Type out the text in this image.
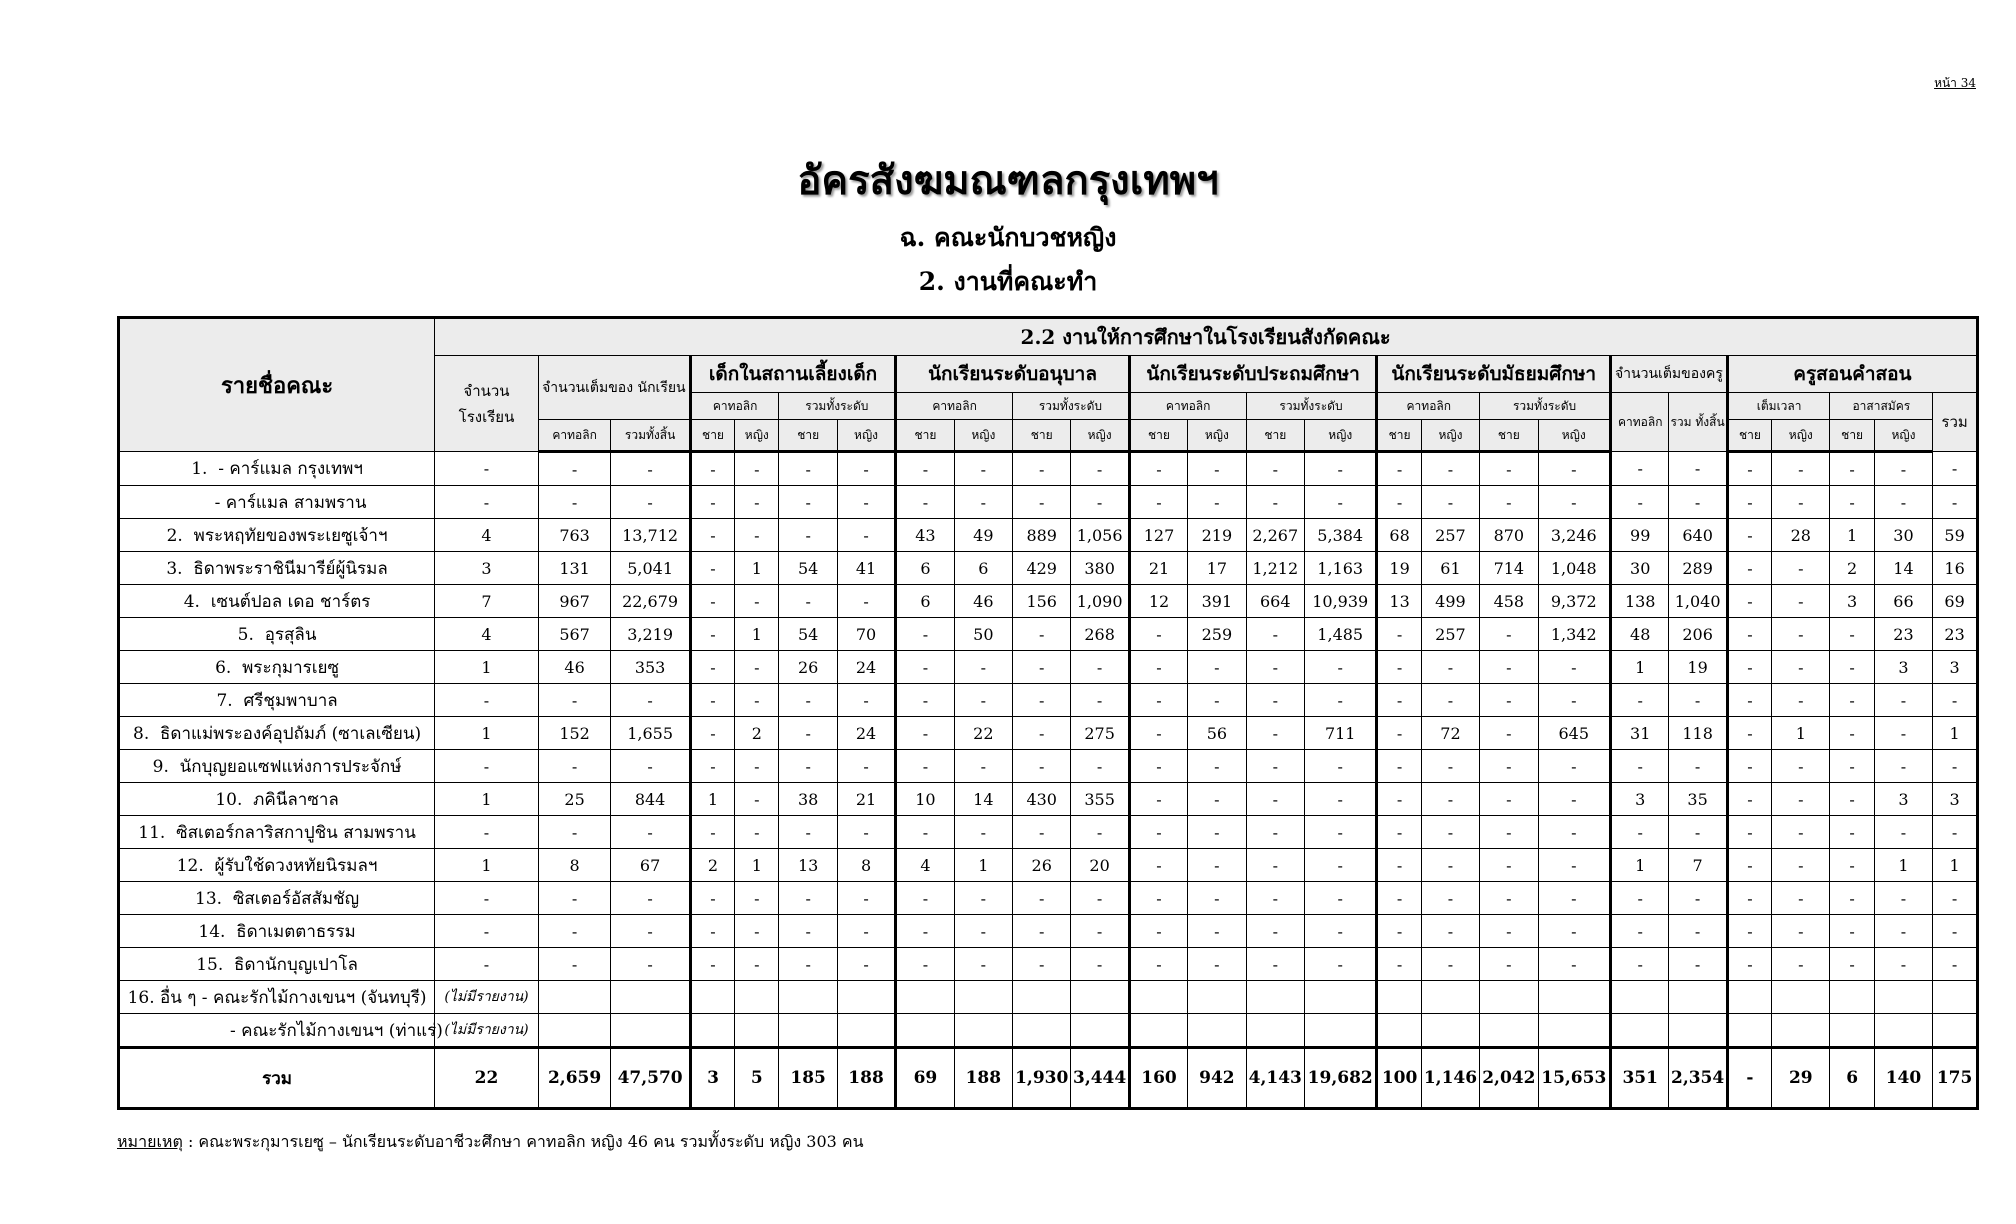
หน้า 34
อัครสังฆมณฑลกรุงเทพฯ
ฉ. คณะนักบวชหญิง
2. งานที่คณะทำ
รายชื่อคณะ	2.2 งานให้การศึกษาในโรงเรียนสังกัดคณะ																									
	จำนวน โรงเรียน	จำนวนเต็มของ นักเรียน		เด็กในสถานเลี้ยงเด็ก				นักเรียนระดับอนุบาล				นักเรียนระดับประถมศึกษา				นักเรียนระดับมัธยมศึกษา				จำนวนเต็มของครู		ครูสอนคำสอน				
				คาทอลิก		รวมทั้งระดับ		คาทอลิก		รวมทั้งระดับ		คาทอลิก		รวมทั้งระดับ		คาทอลิก		รวมทั้งระดับ		คาทอลิก	รวม ทั้งสิ้น	เต็มเวลา		อาสาสมัคร		รวม
		คาทอลิก	รวมทั้งสิ้น	ชาย	หญิง	ชาย	หญิง	ชาย	หญิง	ชาย	หญิง	ชาย	หญิง	ชาย	หญิง	ชาย	หญิง	ชาย	หญิง			ชาย	หญิง	ชาย	หญิง	
1.  - คาร์แมล กรุงเทพฯ	-	-	-	-	-	-	-	-	-	-	-	-	-	-	-	-	-	-	-	-	-	-	-	-	-	-
- คาร์แมล สามพราน	-	-	-	-	-	-	-	-	-	-	-	-	-	-	-	-	-	-	-	-	-	-	-	-	-	-
2.  พระหฤทัยของพระเยซูเจ้าฯ	4	763	13,712	-	-	-	-	43	49	889	1,056	127	219	2,267	5,384	68	257	870	3,246	99	640	-	28	1	30	59
3.  ธิดาพระราชินีมารีย์ผู้นิรมล	3	131	5,041	-	1	54	41	6	6	429	380	21	17	1,212	1,163	19	61	714	1,048	30	289	-	-	2	14	16
4.  เซนต์ปอล เดอ ชาร์ตร	7	967	22,679	-	-	-	-	6	46	156	1,090	12	391	664	10,939	13	499	458	9,372	138	1,040	-	-	3	66	69
5.  อุรสุลิน	4	567	3,219	-	1	54	70	-	50	-	268	-	259	-	1,485	-	257	-	1,342	48	206	-	-	-	23	23
6.  พระกุมารเยซู	1	46	353	-	-	26	24	-	-	-	-	-	-	-	-	-	-	-	-	1	19	-	-	-	3	3
7.  ศรีชุมพาบาล	-	-	-	-	-	-	-	-	-	-	-	-	-	-	-	-	-	-	-	-	-	-	-	-	-	-
8.  ธิดาแม่พระองค์อุปถัมภ์ (ซาเลเซียน)	1	152	1,655	-	2	-	24	-	22	-	275	-	56	-	711	-	72	-	645	31	118	-	1	-	-	1
9.  นักบุญยอแซฟแห่งการประจักษ์	-	-	-	-	-	-	-	-	-	-	-	-	-	-	-	-	-	-	-	-	-	-	-	-	-	-
10.  ภคินีลาซาล	1	25	844	1	-	38	21	10	14	430	355	-	-	-	-	-	-	-	-	3	35	-	-	-	3	3
11.  ซิสเตอร์กลาริสกาปูชิน สามพราน	-	-	-	-	-	-	-	-	-	-	-	-	-	-	-	-	-	-	-	-	-	-	-	-	-	-
12.  ผู้รับใช้ดวงหทัยนิรมลฯ	1	8	67	2	1	13	8	4	1	26	20	-	-	-	-	-	-	-	-	1	7	-	-	-	1	1
13.  ซิสเตอร์อัสสัมชัญ	-	-	-	-	-	-	-	-	-	-	-	-	-	-	-	-	-	-	-	-	-	-	-	-	-	-
14.  ธิดาเมตตาธรรม	-	-	-	-	-	-	-	-	-	-	-	-	-	-	-	-	-	-	-	-	-	-	-	-	-	-
15.  ธิดานักบุญเปาโล	-	-	-	-	-	-	-	-	-	-	-	-	-	-	-	-	-	-	-	-	-	-	-	-	-	-
16. อื่น ๆ - คณะรักไม้กางเขนฯ (จันทบุรี)	(ไม่มีรายงาน)																									
- คณะรักไม้กางเขนฯ (ท่าแร่)	(ไม่มีรายงาน)																									
รวม	22	2,659	47,570	3	5	185	188	69	188	1,930	3,444	160	942	4,143	19,682	100	1,146	2,042	15,653	351	2,354	-	29	6	140	175
หมายเหตุ : คณะพระกุมารเยซู – นักเรียนระดับอาชีวะศึกษา คาทอลิก หญิง 46 คน รวมทั้งระดับ หญิง 303 คน
